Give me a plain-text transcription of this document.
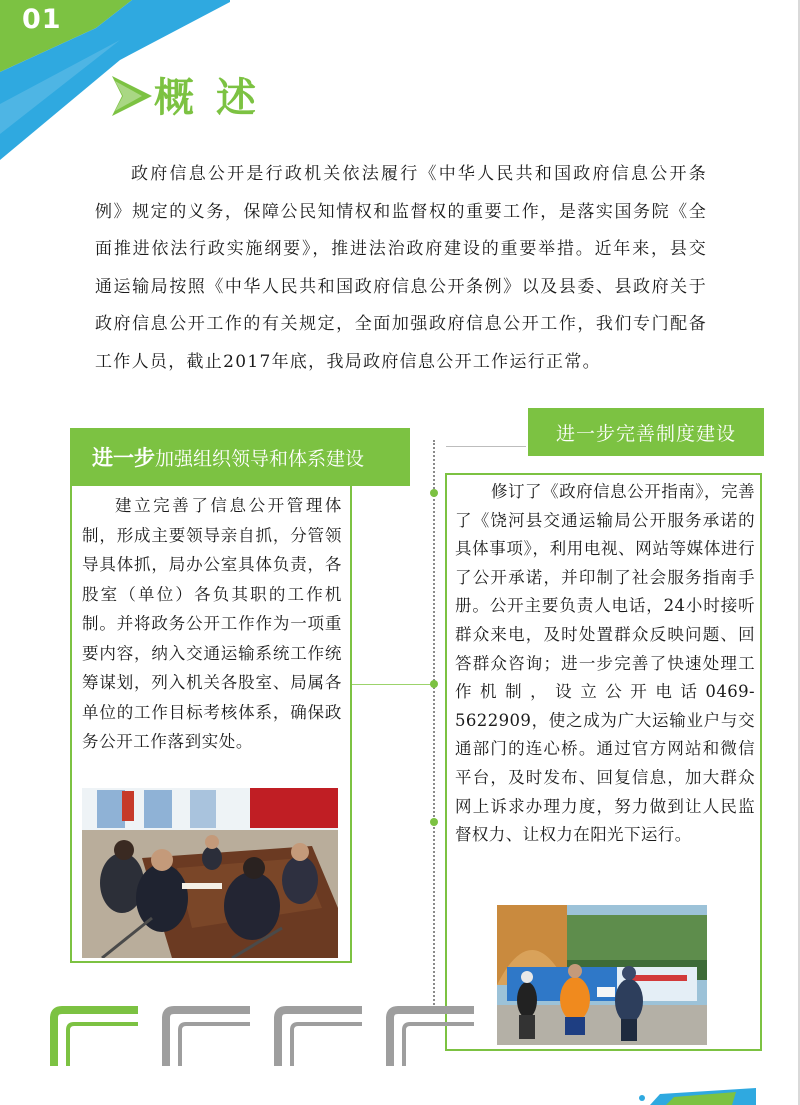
01
概述
政府信息公开是行政机关依法履行《中华人民共和国政府信息公开条例》规定的义务，保障公民知情权和监督权的重要工作，是落实国务院《全面推进依法行政实施纲要》，推进法治政府建设的重要举措。近年来，县交通运输局按照《中华人民共和国政府信息公开条例》以及县委、县政府关于政府信息公开工作的有关规定，全面加强政府信息公开工作，我们专门配备工作人员，截止2017年底，我局政府信息公开工作运行正常。
进一步 加强组织领导和体系建设
建立完善了信息公开管理体制，形成主要领导亲自抓，分管领导具体抓，局办公室具体负责，各股室（单位）各负其职的工作机制。并将政务公开工作作为一项重要内容，纳入交通运输系统工作统筹谋划，列入机关各股室、局属各单位的工作目标考核体系，确保政务公开工作落到实处。
进一步完善制度建设
修订了《政府信息公开指南》，完善了《饶河县交通运输局公开服务承诺的具体事项》，利用电视、网站等媒体进行了公开承诺，并印制了社会服务指南手册。公开主要负责人电话，24小时接听群众来电，及时处置群众反映问题、回答群众咨询；进一步完善了快速处理工作机制，设立公开电话0469-5622909，使之成为广大运输业户与交通部门的连心桥。通过官方网站和微信平台，及时发布、回复信息，加大群众网上诉求办理力度，努力做到让人民监督权力、让权力在阳光下运行。
